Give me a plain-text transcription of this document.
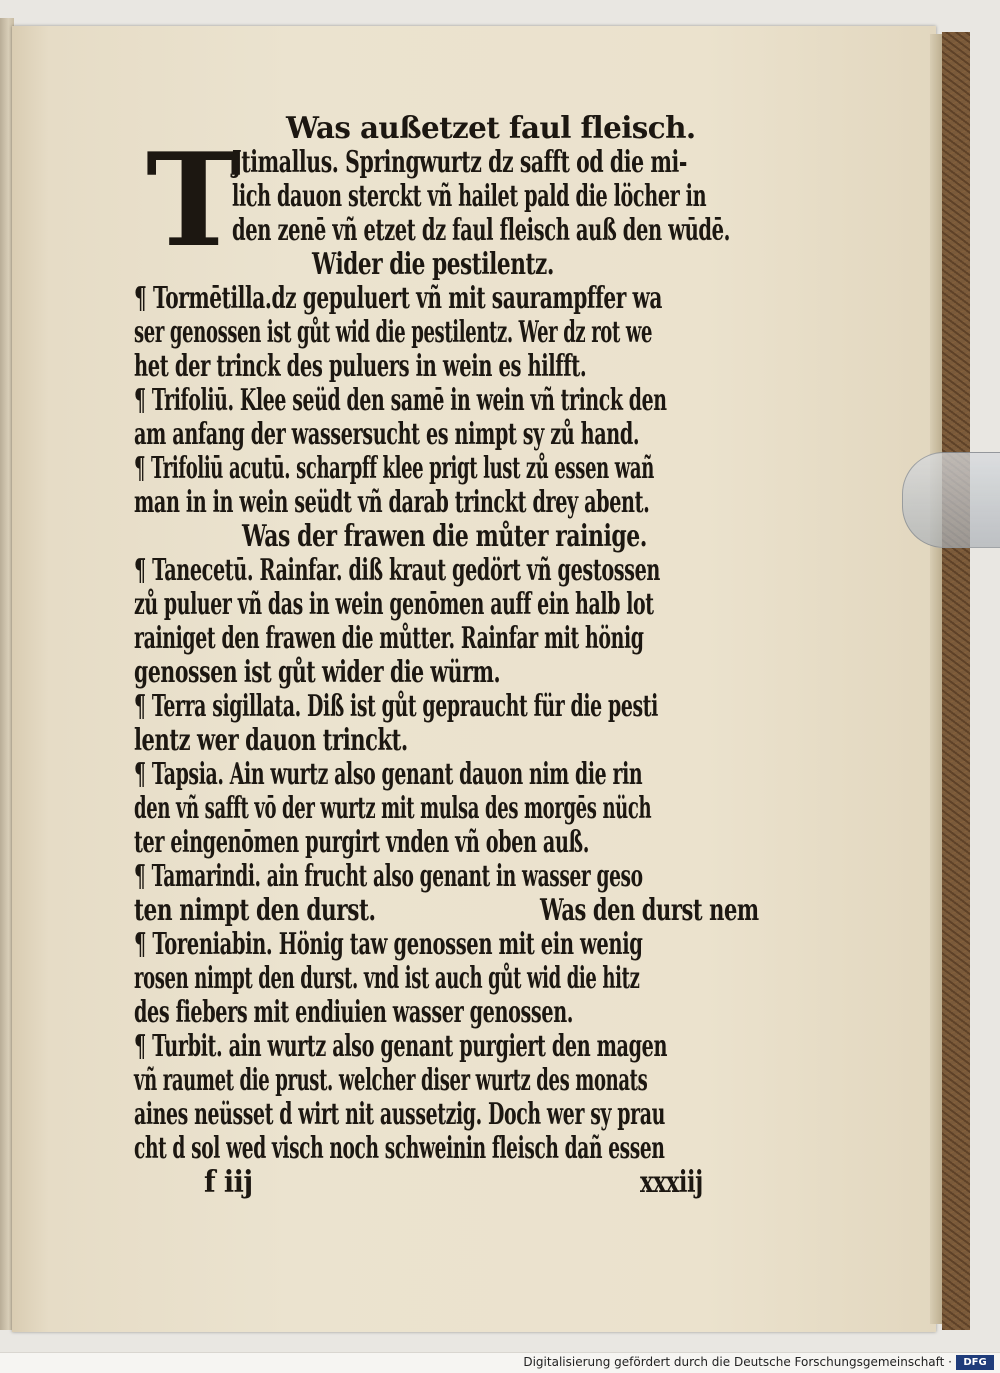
T Was außetzet faul fleisch.
Jtimallus. Springwurtz dz safft od die mi-
lich dauon sterckt vñ hailet pald die löcher in
den zenē vñ etzet dz faul fleisch auß den wūdē.
Wider die pestilentz.
¶ Tormētilla.dz gepuluert vñ mit saurampffer wa
ser genossen ist gůt wid die pestilentz. Wer dz rot we
het der trinck des puluers in wein es hilfft.
¶ Trifoliū. Klee seüd den samē in wein vñ trinck den
am anfang der wassersucht es nimpt sy zů hand.
¶ Trifoliū acutū. scharpff klee prigt lust zů essen wañ
man in in wein seüdt vñ darab trinckt drey abent.
Was der frawen die můter rainige.
¶ Tanecetū. Rainfar. diß kraut gedört vñ gestossen
zů puluer vñ das in wein genōmen auff ein halb lot
rainiget den frawen die můtter. Rainfar mit hönig
genossen ist gůt wider die würm.
¶ Terra sigillata. Diß ist gůt gepraucht für die pesti
lentz wer dauon trinckt.
¶ Tapsia. Ain wurtz also genant dauon nim die rin
den vñ safft vō der wurtz mit mulsa des morgēs nüch
ter eingenōmen purgirt vnden vñ oben auß.
¶ Tamarindi. ain frucht also genant in wasser geso
ten nimpt den durst.	Was den durst nem
¶ Toreniabin. Hönig taw genossen mit ein wenig
rosen nimpt den durst. vnd ist auch gůt wid die hitz
des fiebers mit endiuien wasser genossen.
¶ Turbit. ain wurtz also genant purgiert den magen
vñ raumet die prust. welcher diser wurtz des monats
aines neüsset d wirt nit aussetzig. Doch wer sy prau
cht d sol wed visch noch schweinin fleisch dañ essen
f iij	xxxiij
Digitalisierung gefördert durch die Deutsche Forschungsgemeinschaft ·	DFG
